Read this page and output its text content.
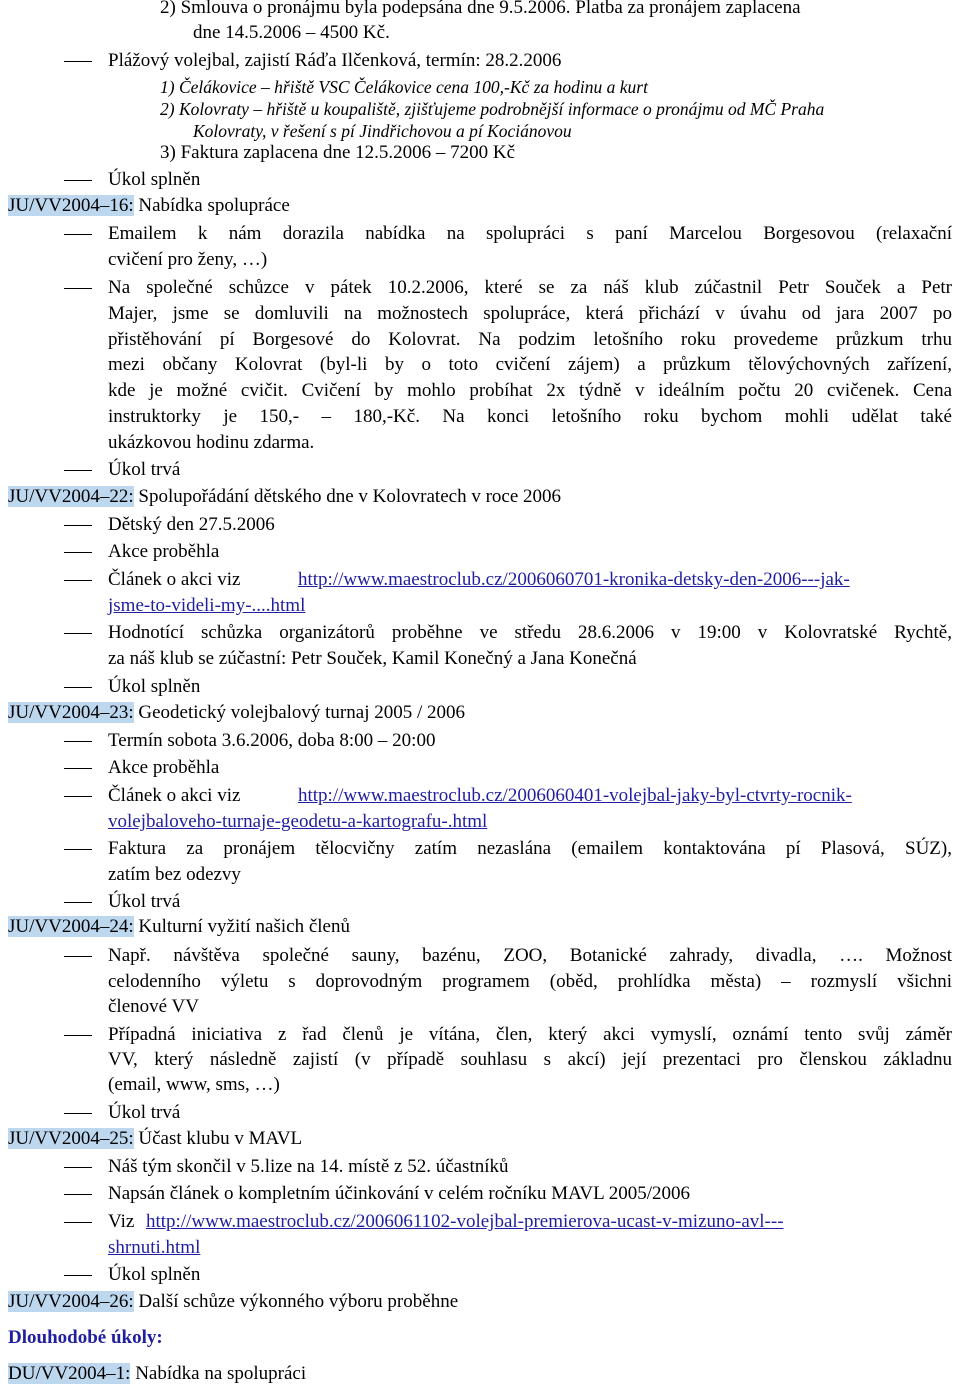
2) Smlouva o pronájmu byla podepsána dne 9.5.2006. Platba za pronájem zaplacena
dne 14.5.2006 – 4500 Kč.
Plážový volejbal, zajistí Ráďa Ilčenková, termín: 28.2.2006
1) Čelákovice – hřiště VSC Čelákovice cena 100,-Kč za hodinu a kurt
2) Kolovraty – hřiště u koupaliště, zjišťujeme podrobnější informace o pronájmu od MČ Praha
Kolovraty, v řešení s pí Jindřichovou a pí Kociánovou
3) Faktura zaplacena dne 12.5.2006 – 7200 Kč
Úkol splněn
JU/VV2004–16: Nabídka spolupráce
Emailem k nám dorazila nabídka na spolupráci s paní Marcelou Borgesovou (relaxační
cvičení pro ženy, …)
Na společné schůzce v pátek 10.2.2006, které se za náš klub zúčastnil Petr Souček a Petr
Majer, jsme se domluvili na možnostech spolupráce, která přichází v úvahu od jara 2007 po
přistěhování pí Borgesové do Kolovrat. Na podzim letošního roku provedeme průzkum trhu
mezi občany Kolovrat (byl-li by o toto cvičení zájem) a průzkum tělovýchovných zařízení,
kde je možné cvičit. Cvičení by mohlo probíhat 2x týdně v ideálním počtu 20 cvičenek. Cena
instruktorky je 150,- – 180,-Kč. Na konci letošního roku bychom mohli udělat také
ukázkovou hodinu zdarma.
Úkol trvá
JU/VV2004–22: Spolupořádání dětského dne v Kolovratech v roce 2006
Dětský den 27.5.2006
Akce proběhla
Článek o akci viz	http://www.maestroclub.cz/2006060701-kronika-detsky-den-2006---jak-
jsme-to-videli-my-....html
Hodnotící schůzka organizátorů proběhne ve středu 28.6.2006 v 19:00 v Kolovratské Rychtě,
za náš klub se zúčastní: Petr Souček, Kamil Konečný a Jana Konečná
Úkol splněn
JU/VV2004–23: Geodetický volejbalový turnaj 2005 / 2006
Termín sobota 3.6.2006, doba 8:00 – 20:00
Akce proběhla
Článek o akci viz	http://www.maestroclub.cz/2006060401-volejbal-jaky-byl-ctvrty-rocnik-
volejbaloveho-turnaje-geodetu-a-kartografu-.html
Faktura za pronájem tělocvičny zatím nezaslána (emailem kontaktována pí Plasová, SÚZ),
zatím bez odezvy
Úkol trvá
JU/VV2004–24: Kulturní vyžití našich členů
Např. návštěva společné sauny, bazénu, ZOO, Botanické zahrady, divadla, …. Možnost
celodenního výletu s doprovodným programem (oběd, prohlídka města) – rozmyslí všichni
členové VV
Případná iniciativa z řad členů je vítána, člen, který akci vymyslí, oznámí tento svůj záměr
VV, který následně zajistí (v případě souhlasu s akcí) její prezentaci pro členskou základnu
(email, www, sms, …)
Úkol trvá
JU/VV2004–25: Účast klubu v MAVL
Náš tým skončil v 5.lize na 14. místě z 52. účastníků
Napsán článek o kompletním účinkování v celém ročníku MAVL 2005/2006
Viz http://www.maestroclub.cz/2006061102-volejbal-premierova-ucast-v-mizuno-avl---
shrnuti.html
Úkol splněn
JU/VV2004–26: Další schůze výkonného výboru proběhne
Dlouhodobé úkoly:
DU/VV2004–1: Nabídka na spolupráci
